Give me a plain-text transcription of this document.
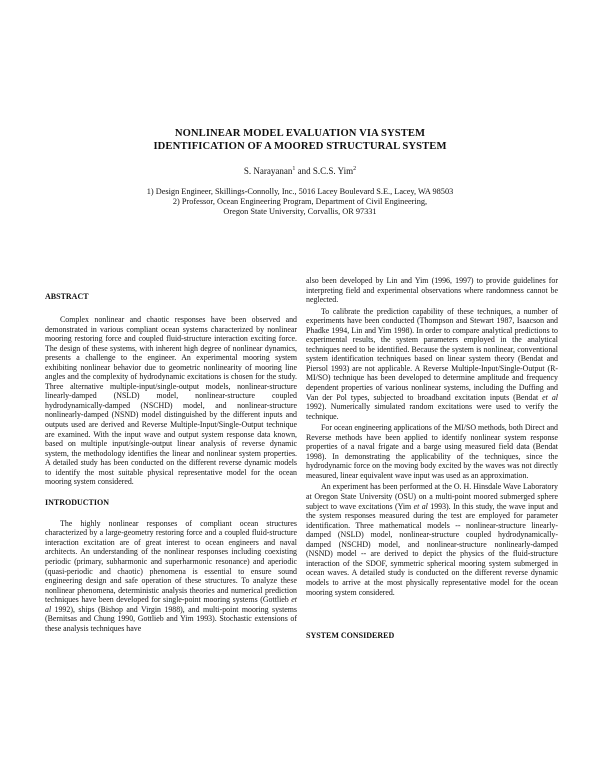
NONLINEAR MODEL EVALUATION VIA SYSTEM
IDENTIFICATION OF A MOORED STRUCTURAL SYSTEM
S. Narayanan$^1$ and S.C.S. Yim$^2$
1) Design Engineer, Skillings-Connolly, Inc., 5016 Lacey Boulevard S.E., Lacey, WA 98503
2) Professor, Ocean Engineering Program, Department of Civil Engineering,
Oregon State University, Corvallis, OR 97331

ABSTRACT

Complex nonlinear and chaotic responses have been observed and demonstrated in various compliant ocean systems characterized by nonlinear mooring restoring force and coupled fluid-structure interaction exciting force. The design of these systems, with inherent high degree of nonlinear dynamics, presents a challenge to the engineer. An experimental mooring system exhibiting nonlinear behavior due to geometric nonlinearity of mooring line angles and the complexity of hydrodynamic excitations is chosen for the study. Three alternative multiple-input/single-output models, nonlinear-structure linearly-damped (NSLD) model, nonlinear-structure coupled hydrodynamically-damped (NSCHD) model, and nonlinear-structure nonlinearly-damped (NSND) model distinguished by the different inputs and outputs used are derived and Reverse Multiple-Input/Single-Output technique are examined. With the input wave and output system response data known, based on multiple input/single-output linear analysis of reverse dynamic system, the methodology identifies the linear and nonlinear system properties. A detailed study has been conducted on the different reverse dynamic models to identify the most suitable physical representative model for the ocean mooring system considered.

INTRODUCTION

The highly nonlinear responses of compliant ocean structures characterized by a large-geometry restoring force and a coupled fluid-structure interaction excitation are of great interest to ocean engineers and naval architects. An understanding of the nonlinear responses including coexisting periodic (primary, subharmonic and superharmonic resonance) and aperiodic (quasi-periodic and chaotic) phenomena is essential to ensure sound engineering design and safe operation of these structures. To analyze these nonlinear phenomena, deterministic analysis theories and numerical prediction techniques have been developed for single-point mooring systems (Gottlieb et al 1992), ships (Bishop and Virgin 1988), and multi-point mooring systems (Bernitsas and Chung 1990, Gottlieb and Yim 1993). Stochastic extensions of these analysis techniques have

also been developed by Lin and Yim (1996, 1997) to provide guidelines for interpreting field and experimental observations where randomness cannot be neglected.

To calibrate the prediction capability of these techniques, a number of experiments have been conducted (Thompson and Stewart 1987, Isaacson and Phadke 1994, Lin and Yim 1998). In order to compare analytical predictions to experimental results, the system parameters employed in the analytical techniques need to be identified. Because the system is nonlinear, conventional system identification techniques based on linear system theory (Bendat and Piersol 1993) are not applicable. A Reverse Multiple-Input/Single-Output (R-MI/SO) technique has been developed to determine amplitude and frequency dependent properties of various nonlinear systems, including the Duffing and Van der Pol types, subjected to broadband excitation inputs (Bendat et al 1992). Numerically simulated random excitations were used to verify the technique.

For ocean engineering applications of the MI/SO methods, both Direct and Reverse methods have been applied to identify nonlinear system response properties of a naval frigate and a barge using measured field data (Bendat 1998). In demonstrating the applicability of the techniques, since the hydrodynamic force on the moving body excited by the waves was not directly measured, linear equivalent wave input was used as an approximation.

An experiment has been performed at the O. H. Hinsdale Wave Laboratory at Oregon State University (OSU) on a multi-point moored submerged sphere subject to wave excitations (Yim et al 1993). In this study, the wave input and the system responses measured during the test are employed for parameter identification. Three mathematical models -- nonlinear-structure linearly-damped (NSLD) model, nonlinear-structure coupled hydrodynamically-damped (NSCHD) model, and nonlinear-structure nonlinearly-damped (NSND) model -- are derived to depict the physics of the fluid-structure interaction of the SDOF, symmetric spherical mooring system submerged in ocean waves. A detailed study is conducted on the different reverse dynamic models to arrive at the most physically representative model for the ocean mooring system considered.

SYSTEM CONSIDERED
